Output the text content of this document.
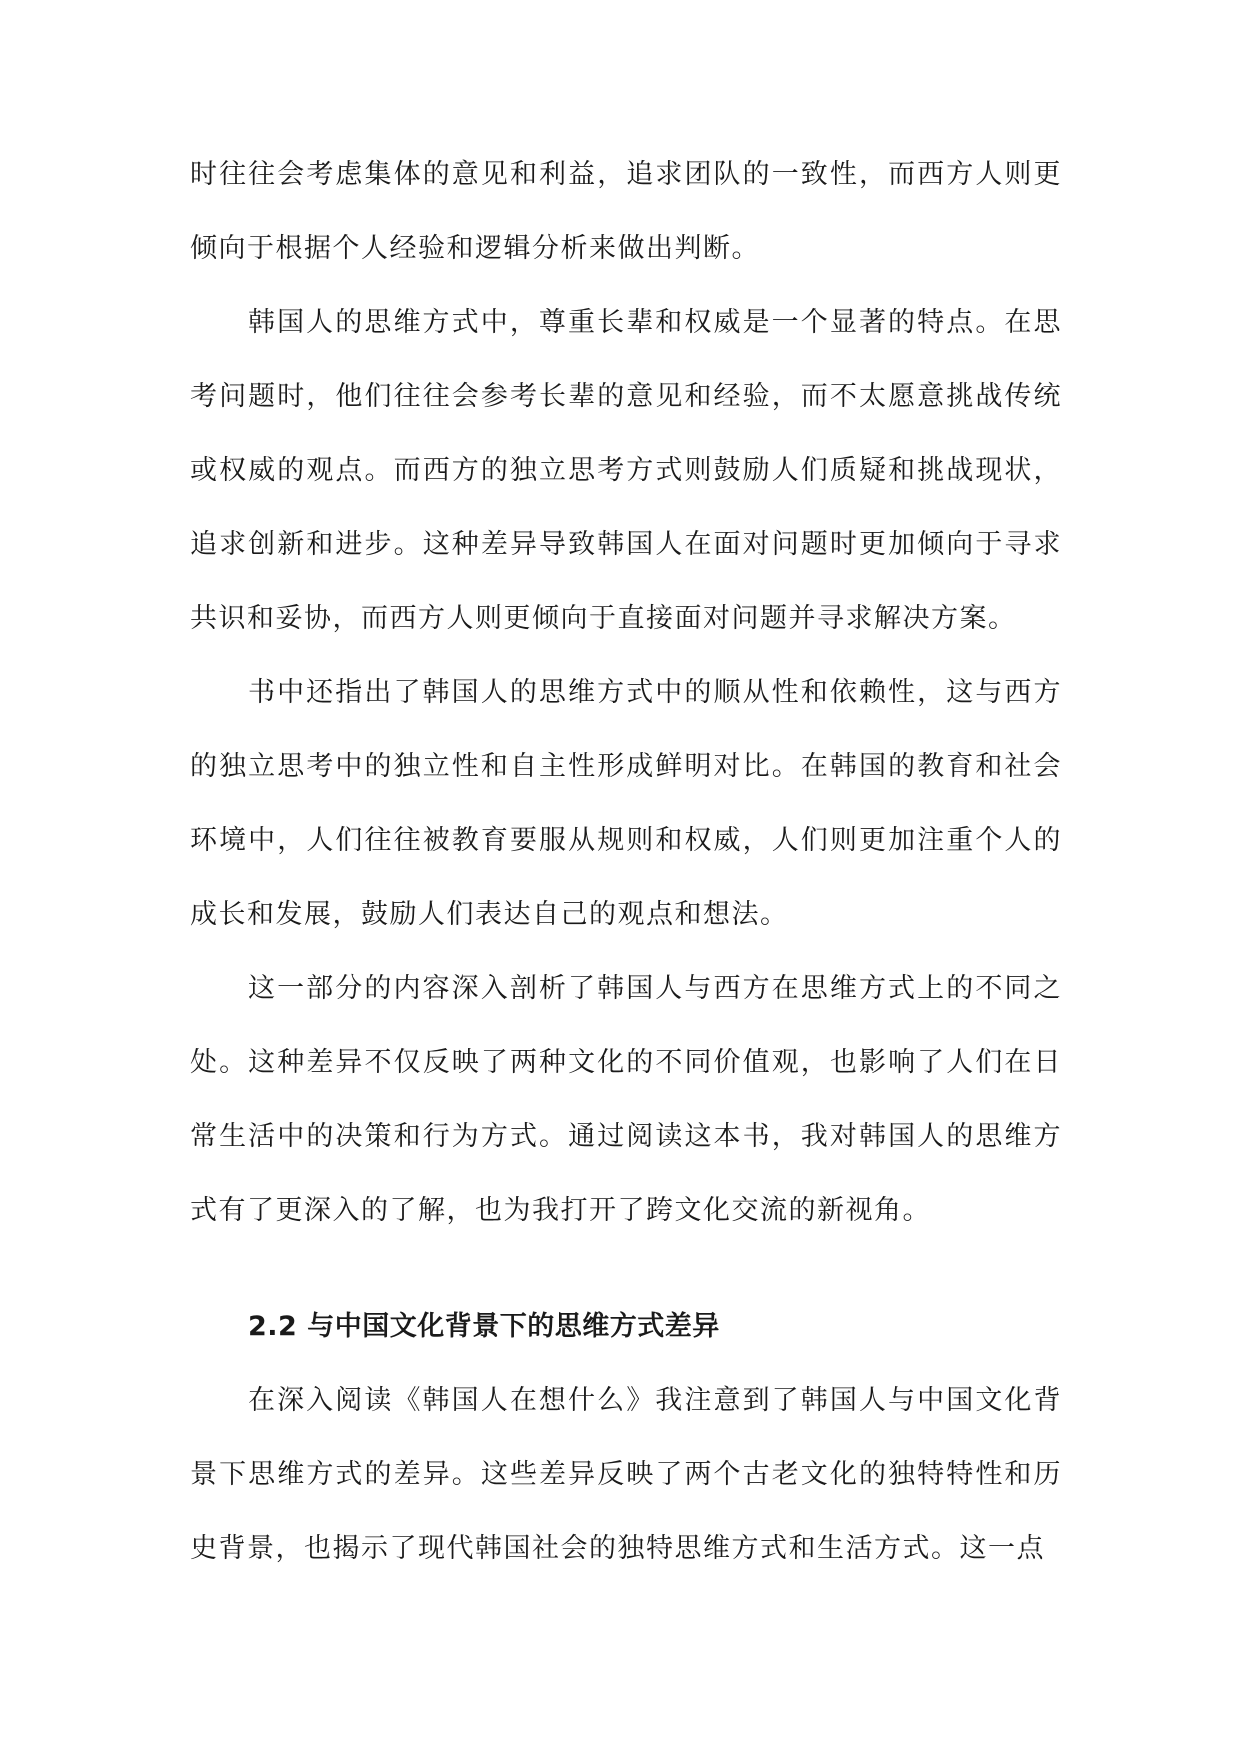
时往往会考虑集体的意见和利益，追求团队的一致性，而西方人则更倾向于根据个人经验和逻辑分析来做出判断。

韩国人的思维方式中，尊重长辈和权威是一个显著的特点。在思考问题时，他们往往会参考长辈的意见和经验，而不太愿意挑战传统或权威的观点。而西方的独立思考方式则鼓励人们质疑和挑战现状，追求创新和进步。这种差异导致韩国人在面对问题时更加倾向于寻求共识和妥协，而西方人则更倾向于直接面对问题并寻求解决方案。

书中还指出了韩国人的思维方式中的顺从性和依赖性，这与西方的独立思考中的独立性和自主性形成鲜明对比。在韩国的教育和社会环境中，人们往往被教育要服从规则和权威，人们则更加注重个人的成长和发展，鼓励人们表达自己的观点和想法。

这一部分的内容深入剖析了韩国人与西方在思维方式上的不同之处。这种差异不仅反映了两种文化的不同价值观，也影响了人们在日常生活中的决策和行为方式。通过阅读这本书，我对韩国人的思维方式有了更深入的了解，也为我打开了跨文化交流的新视角。

2.2 与中国文化背景下的思维方式差异

在深入阅读《韩国人在想什么》我注意到了韩国人与中国文化背景下思维方式的差异。这些差异反映了两个古老文化的独特特性和历史背景，也揭示了现代韩国社会的独特思维方式和生活方式。这一点
